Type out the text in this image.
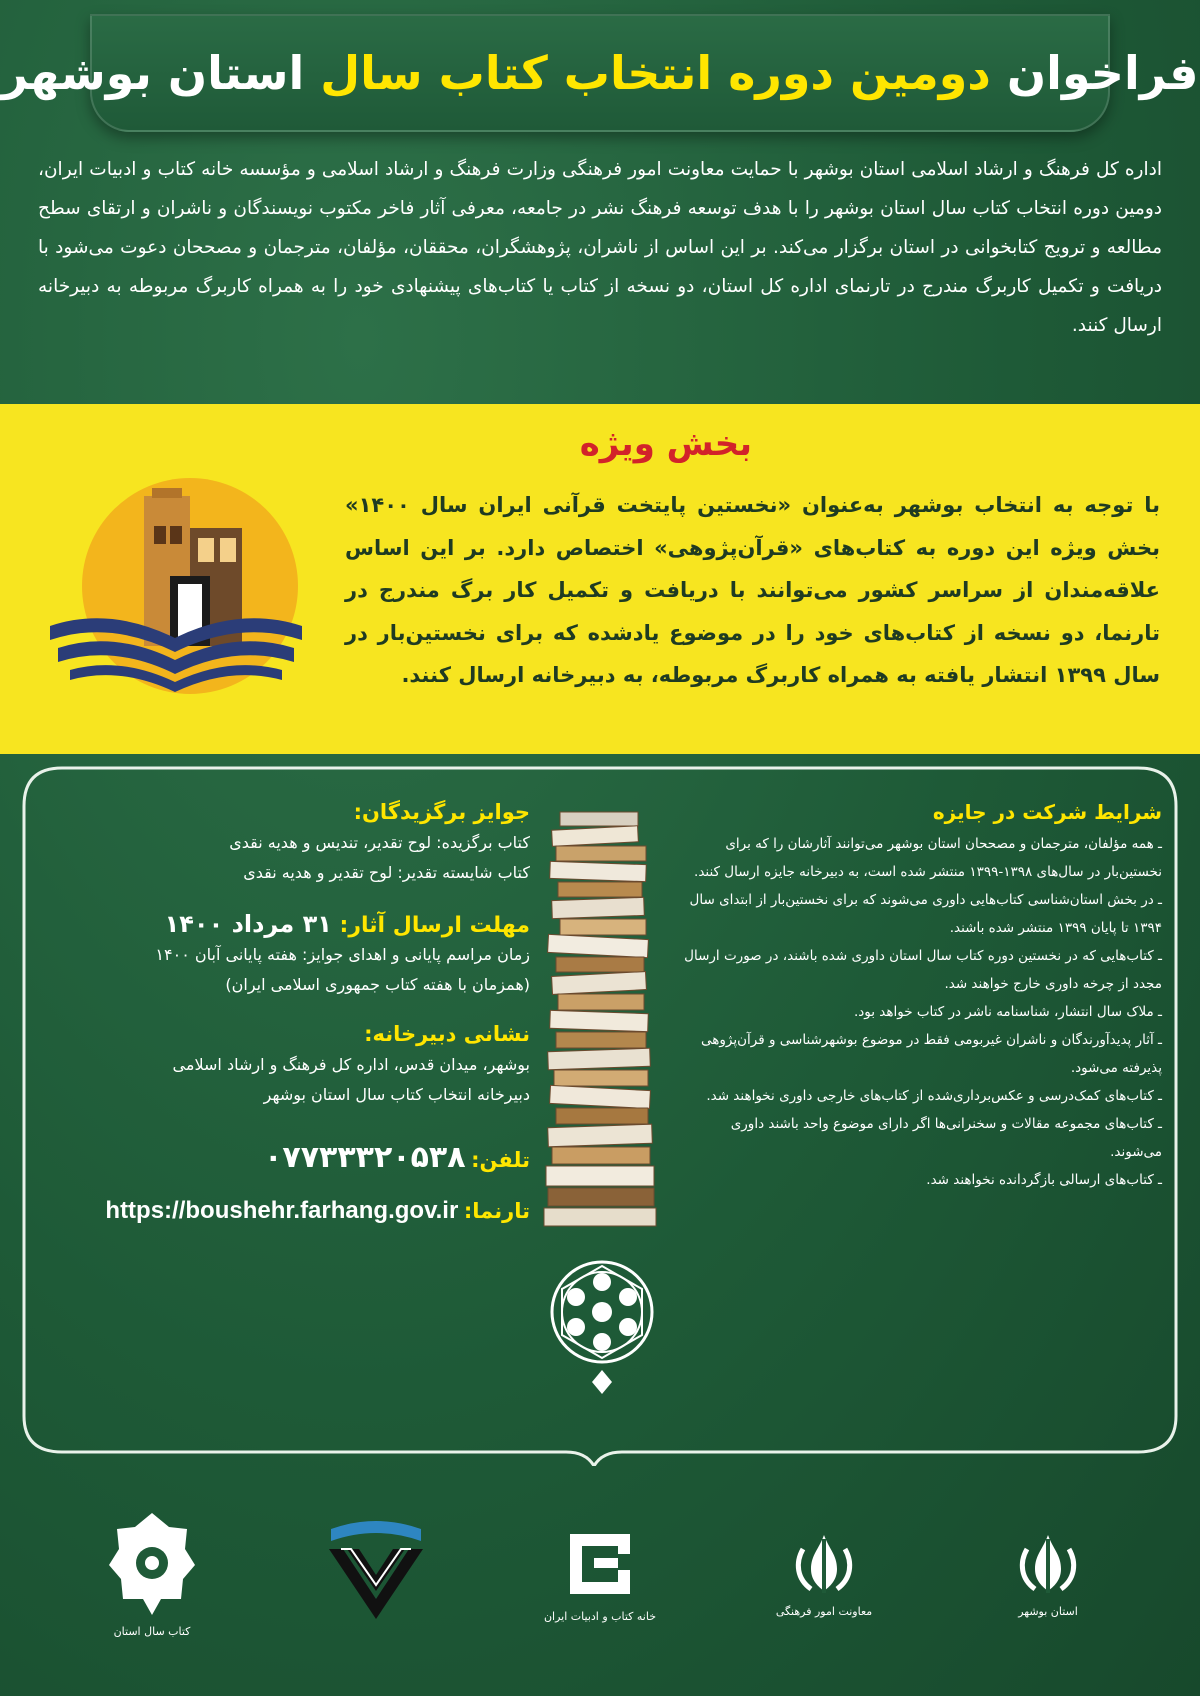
فراخوان دومین دوره انتخاب کتاب سال استان بوشهر

اداره کل فرهنگ و ارشاد اسلامی استان بوشهر با حمایت معاونت امور فرهنگی وزارت فرهنگ و ارشاد اسلامی و مؤسسه خانه کتاب و ادبیات ایران، دومین دوره انتخاب کتاب سال استان بوشهر را با هدف توسعه فرهنگ نشر در جامعه، معرفی آثار فاخر مکتوب نویسندگان و ناشران و ارتقای سطح مطالعه و ترویج کتابخوانی در استان برگزار می‌کند. بر این اساس از ناشران، پژوهشگران، محققان، مؤلفان، مترجمان و مصححان دعوت می‌شود با دریافت و تکمیل کاربرگ مندرج در تارنمای اداره‌ کل استان، دو نسخه از کتاب یا کتاب‌های پیشنهادی خود را به همراه کاربرگ مربوطه به دبیرخانه ارسال کنند.

بخش ویژه

با توجه به انتخاب بوشهر به‌عنوان «نخستین پایتخت قرآنی ایران سال ۱۴۰۰» بخش ویژه این دوره به کتاب‌های «قرآن‌پژوهی» اختصاص دارد. بر این اساس علاقه‌مندان از سراسر کشور می‌توانند با دریافت و تکمیل کار برگ مندرج در تارنما، دو نسخه از کتاب‌های خود را در موضوع یادشده که برای نخستین‌بار در سال ۱۳۹۹ انتشار یافته به همراه کاربرگ مربوطه، به دبیرخانه ارسال کنند.

شرایط شرکت در جایزه
ـ همه مؤلفان، مترجمان و مصححان استان بوشهر می‌توانند آثارشان را که برای نخستین‌بار در سال‌های ۱۳۹۸-۱۳۹۹ منتشر شده است، به دبیرخانه جایزه ارسال کنند.
ـ در بخش استان‌شناسی کتاب‌هایی داوری می‌شوند که برای نخستین‌بار از ابتدای سال ۱۳۹۴ تا پایان ۱۳۹۹ منتشر شده باشند.
ـ کتاب‌هایی که در نخستین دوره کتاب سال استان داوری شده باشند، در صورت ارسال مجدد از چرخه داوری خارج خواهند شد.
ـ ملاک سال انتشار، شناسنامه ناشر در کتاب خواهد بود.
ـ آثار پدیدآورندگان و ناشران غیربومی فقط در موضوع بوشهرشناسی و قرآن‌پژوهی پذیرفته می‌شود.
ـ کتاب‌های کمک‌درسی و عکس‌برداری‌شده از کتاب‌های خارجی داوری نخواهند شد.
ـ کتاب‌های مجموعه مقالات و سخنرانی‌ها اگر دارای موضوع واحد باشند داوری می‌شوند.
ـ کتاب‌های ارسالی بازگردانده نخواهند شد.
جوایز برگزیدگان:
کتاب برگزیده: لوح تقدیر، تندیس و هدیه نقدی
کتاب شایسته تقدیر: لوح تقدیر و هدیه نقدی
مهلت ارسال آثار: ۳۱ مرداد ۱۴۰۰
زمان مراسم پایانی و اهدای جوایز: هفته پایانی آبان ۱۴۰۰
(همزمان با هفته کتاب جمهوری اسلامی ایران)
نشانی دبیرخانه:
بوشهر، میدان قدس، اداره کل فرهنگ و ارشاد اسلامی
دبیرخانه انتخاب کتاب سال استان بوشهر
تلفن: ۰۷۷۳۳۳۲۰۵۳۸
تارنما: https://boushehr.farhang.gov.ir
کتاب سال استان
خانه کتاب و ادبیات ایران	معاونت امور فرهنگی	استان بوشهر
